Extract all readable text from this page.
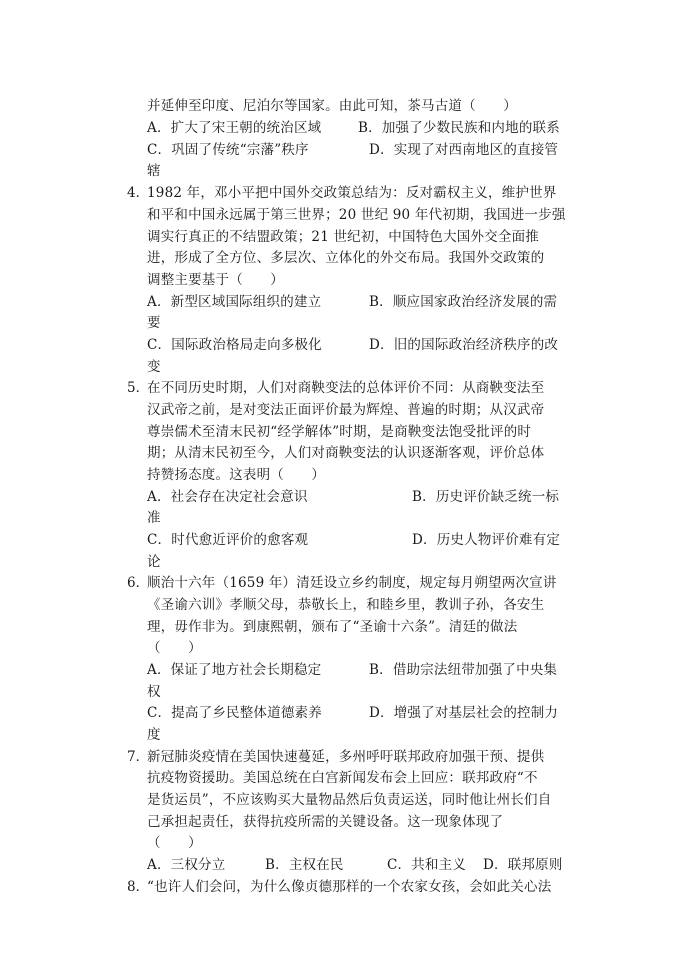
并延伸至印度、尼泊尔等国家。由此可知，茶马古道（　　）
A．扩大了宋王朝的统治区域	B．加强了少数民族和内地的联系
C．巩固了传统“宗藩”秩序	D．实现了对西南地区的直接管
辖
4．
1982 年，邓小平把中国外交政策总结为：反对霸权主义，维护世界
和平和中国永远属于第三世界；20 世纪 90 年代初期，我国进一步强
调实行真正的不结盟政策；21 世纪初，中国特色大国外交全面推
进，形成了全方位、多层次、立体化的外交布局。我国外交政策的
调整主要基于（　　）
A．新型区域国际组织的建立	B．顺应国家政治经济发展的需
要
C．国际政治格局走向多极化	D．旧的国际政治经济秩序的改
变
5．
在不同历史时期，人们对商鞅变法的总体评价不同：从商鞅变法至
汉武帝之前，是对变法正面评价最为辉煌、普遍的时期；从汉武帝
尊崇儒术至清末民初“经学解体”时期，是商鞅变法饱受批评的时
期；从清末民初至今，人们对商鞅变法的认识逐渐客观，评价总体
持赞扬态度。这表明（　　）
A．社会存在决定社会意识	B．历史评价缺乏统一标
准
C．时代愈近评价的愈客观	D．历史人物评价难有定
论
6．
顺治十六年（1659 年）清廷设立乡约制度，规定每月朔望两次宣讲
《圣谕六训》孝顺父母，恭敬长上，和睦乡里，教训子孙，各安生
理，毋作非为。到康熙朝，颁布了“圣谕十六条”。清廷的做法
（　　）
A．保证了地方社会长期稳定	B．借助宗法纽带加强了中央集
权
C．提高了乡民整体道德素养	D．增强了对基层社会的控制力
度
7．
新冠肺炎疫情在美国快速蔓延，多州呼吁联邦政府加强干预、提供
抗疫物资援助。美国总统在白宫新闻发布会上回应：联邦政府“不
是货运员”，不应该购买大量物品然后负责运送，同时他让州长们自
己承担起责任，获得抗疫所需的关键设备。这一现象体现了
（　　）
A．三权分立	B．主权在民	C．共和主义 D．联邦原则
8．
“也许人们会问，为什么像贞德那样的一个农家女孩，会如此关心法
